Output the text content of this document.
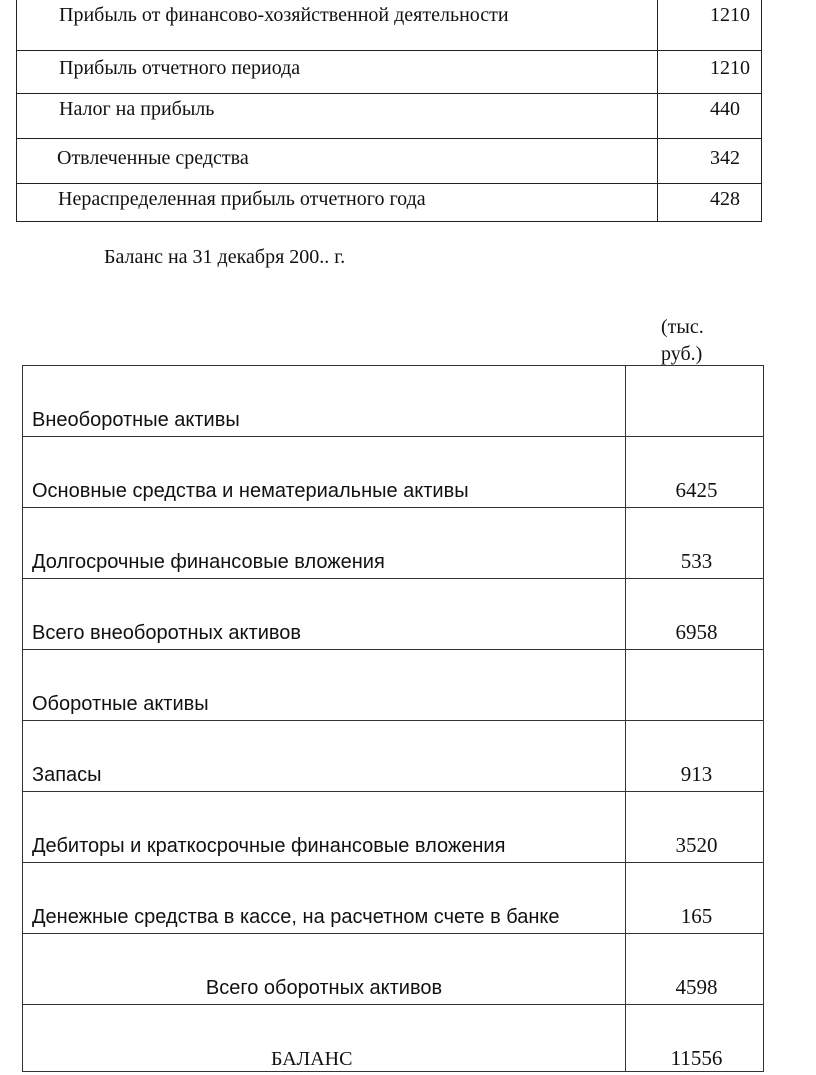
Прибыль от финансово-хозяйственной деятельности	1210
Прибыль отчетного периода	1210
Налог на прибыль	440
Отвлеченные средства	342
Нераспределенная прибыль отчетного года	428
Баланс на 31 декабря 200.. г.
(тыс. руб.)
Внеоборотные активы	
Основные средства и нематериальные активы	6425
Долгосрочные финансовые вложения	533
Всего внеоборотных активов	6958
Оборотные активы	
Запасы	913
Дебиторы и краткосрочные финансовые вложения	3520
Денежные средства в кассе, на расчетном счете в банке	165
Всего оборотных активов	4598
БАЛАНС	11556
